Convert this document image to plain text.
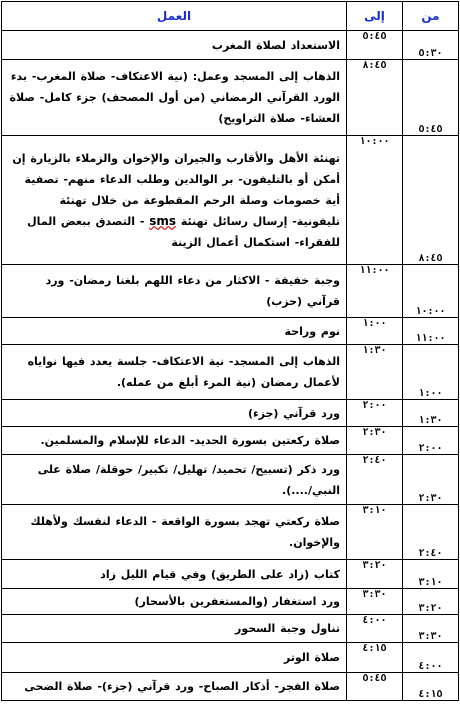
من	إلى	العمل
٥:٣٠	٥:٤٥	الاستعداد لصلاة المغرب
٥:٤٥	٨:٤٥	الذهاب إلى المسجد وعمل: (نية الاعتكاف- صلاة المغرب- بدء الورد القرآني الرمضاني (من أول المصحف) جزء كامل- صلاة العشاء- صلاة التراويح)
٨:٤٥	١٠:٠٠	تهنئة الأهل والأقارب والجيران والإخوان والزملاء بالزيارة إن أمكن أو بالتليفون- بر الوالدين وطلب الدعاء منهم- تصفية أية خصومات وصلة الرحم المقطوعة من خلال تهنئة تليفونية- إرسال رسائل تهنئة sms - التصدق ببعض المال للفقراء- استكمال أعمال الزينة
١٠:٠٠	١١:٠٠	وجبة خفيفة - الاكثار من دعاء اللهم بلغنا رمضان- ورد قرآني (حزب)
١١:٠٠	١:٠٠	نوم وراحة
١:٠٠	١:٣٠	الذهاب إلى المسجد- نية الاعتكاف- جلسة يعدد فيها نواياه لأعمال رمضان (نية المرء أبلغ من عمله).
١:٣٠	٢:٠٠	ورد قرآني (جزء)
٢:٠٠	٢:٣٠	صلاة ركعتين بسورة الحديد- الدعاء للإسلام والمسلمين.
٢:٣٠	٢:٤٠	ورد ذكر (تسبيح/ تحميد/ تهليل/ تكبير/ حوقلة/ صلاة على النبي/....).
٢:٤٠	٣:١٠	صلاة ركعتي تهجد بسورة الواقعة - الدعاء لنفسك ولأهلك والإخوان.
٣:١٠	٣:٢٠	كتاب (زاد على الطريق) وفي قيام الليل زاد
٣:٢٠	٣:٣٠	ورد استغفار (والمستغفرين بالأسحار)
٣:٣٠	٤:٠٠	تناول وجبة السحور
٤:٠٠	٤:١٥	صلاة الوتر
٤:١٥	٥:٤٥	صلاة الفجر- أذكار الصباح- ورد قرآني (جزء)- صلاة الضحى
